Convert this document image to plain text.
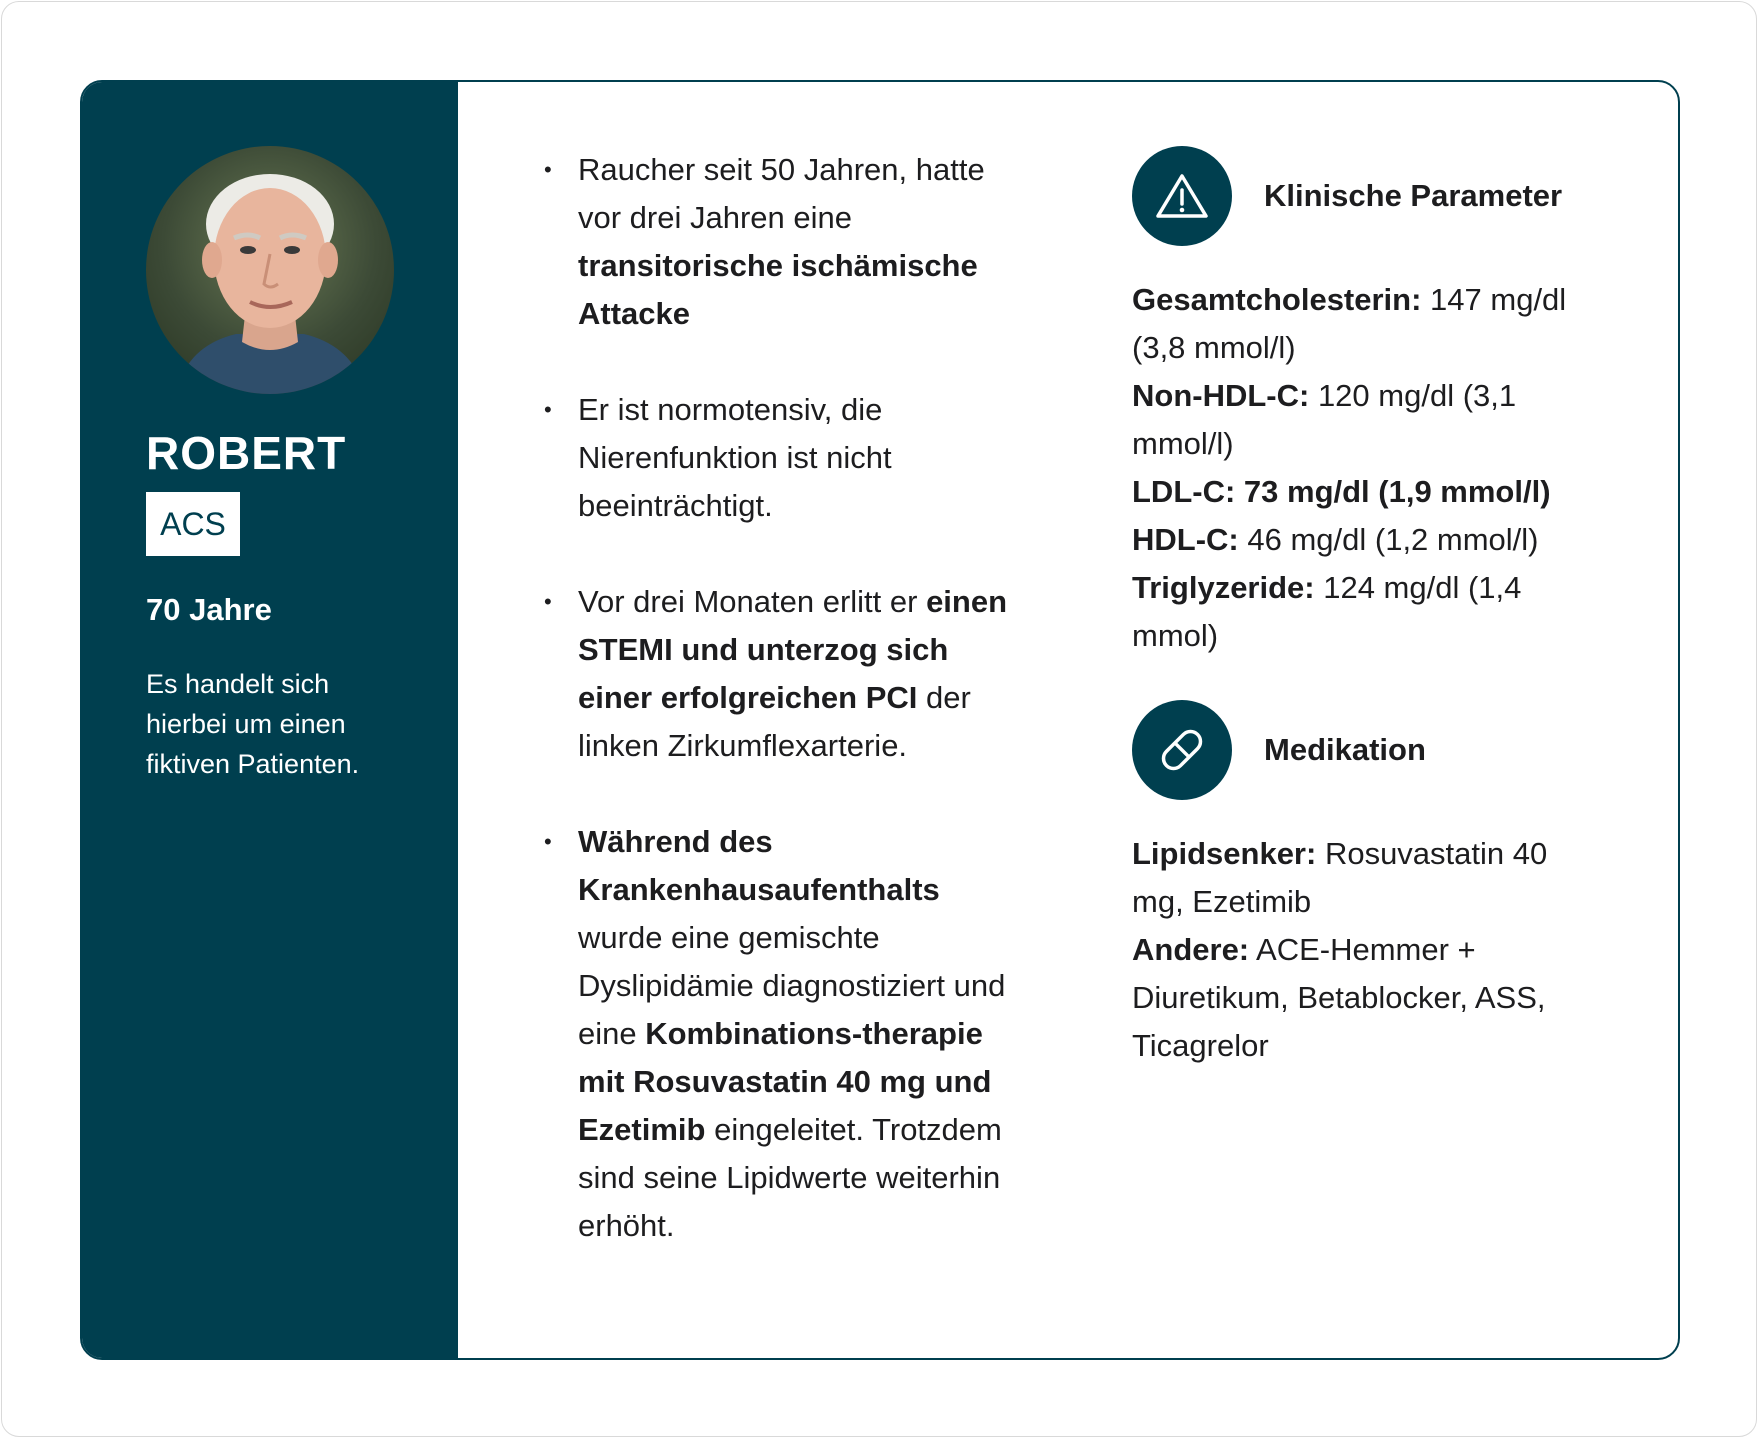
ROBERT
ACS
70 Jahre
Es handelt sich hierbei um einen fiktiven Patienten.
• Raucher seit 50 Jahren, hatte vor drei Jahren eine transitorische ischämische Attacke
• Er ist normotensiv, die Nierenfunktion ist nicht beeinträchtigt.
• Vor drei Monaten erlitt er einen STEMI und unterzog sich einer erfolgreichen PCI der linken Zirkumflexarterie.
• Während des Krankenhausaufenthalts wurde eine gemischte Dyslipidämie diagnostiziert und eine Kombinations-therapie mit Rosuvastatin 40 mg und Ezetimib eingeleitet. Trotzdem sind seine Lipidwerte weiterhin erhöht.
Klinische Parameter
Gesamtcholesterin: 147 mg/dl (3,8 mmol/l)
Non-HDL-C: 120 mg/dl (3,1 mmol/l)
LDL-C: 73 mg/dl (1,9 mmol/l)
HDL-C: 46 mg/dl (1,2 mmol/l)
Triglyzeride: 124 mg/dl (1,4 mmol)
Medikation
Lipidsenker: Rosuvastatin 40 mg, Ezetimib
Andere: ACE-Hemmer + Diuretikum, Betablocker, ASS, Ticagrelor
